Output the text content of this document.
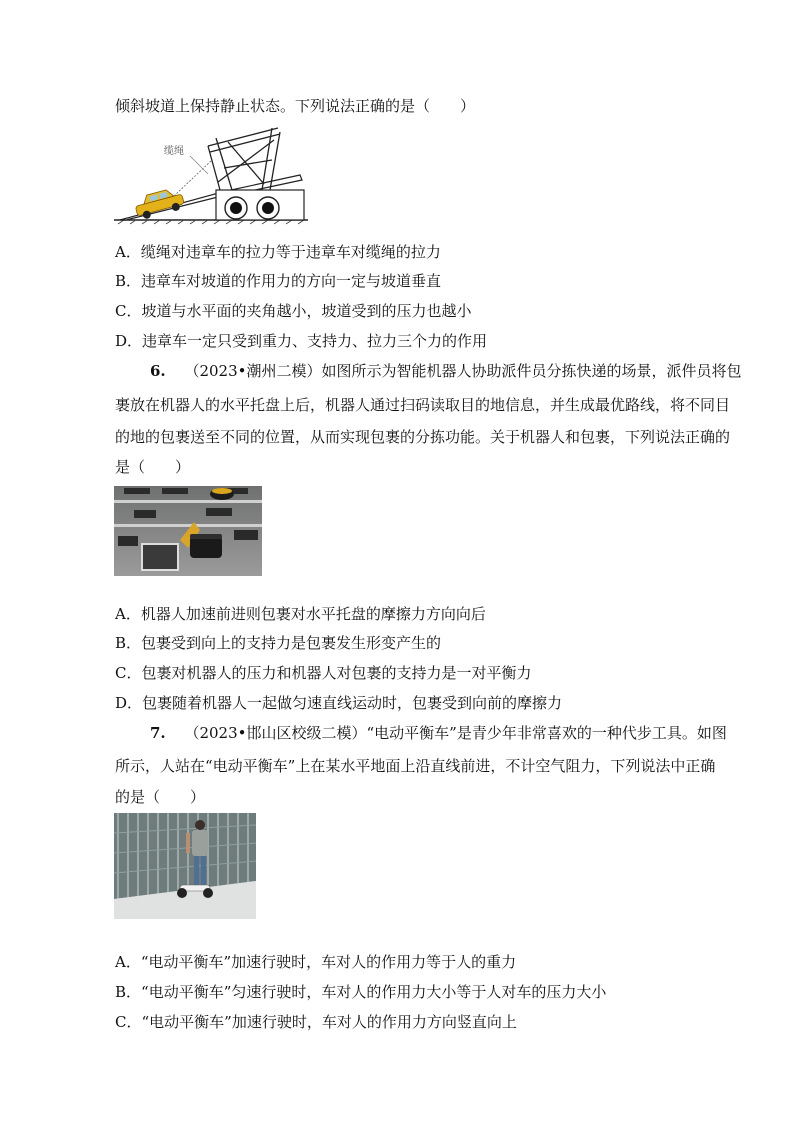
倾斜坡道上保持静止状态。下列说法正确的是（　　）
缆绳
A．缆绳对违章车的拉力等于违章车对缆绳的拉力
B．违章车对坡道的作用力的方向一定与坡道垂直
C．坡道与水平面的夹角越小，坡道受到的压力也越小
D．违章车一定只受到重力、支持力、拉力三个力的作用
6. （2023•潮州二模）如图所示为智能机器人协助派件员分拣快递的场景，派件员将包
裹放在机器人的水平托盘上后，机器人通过扫码读取目的地信息，并生成最优路线，将不同目
的地的包裹送至不同的位置，从而实现包裹的分拣功能。关于机器人和包裹，下列说法正确的
是（　　）
A．机器人加速前进则包裹对水平托盘的摩擦力方向向后
B．包裹受到向上的支持力是包裹发生形变产生的
C．包裹对机器人的压力和机器人对包裹的支持力是一对平衡力
D．包裹随着机器人一起做匀速直线运动时，包裹受到向前的摩擦力
7. （2023•邯山区校级二模）“电动平衡车”是青少年非常喜欢的一种代步工具。如图
所示，人站在“电动平衡车”上在某水平地面上沿直线前进，不计空气阻力，下列说法中正确
的是（　　）
A．“电动平衡车”加速行驶时，车对人的作用力等于人的重力
B．“电动平衡车”匀速行驶时，车对人的作用力大小等于人对车的压力大小
C．“电动平衡车”加速行驶时，车对人的作用力方向竖直向上
